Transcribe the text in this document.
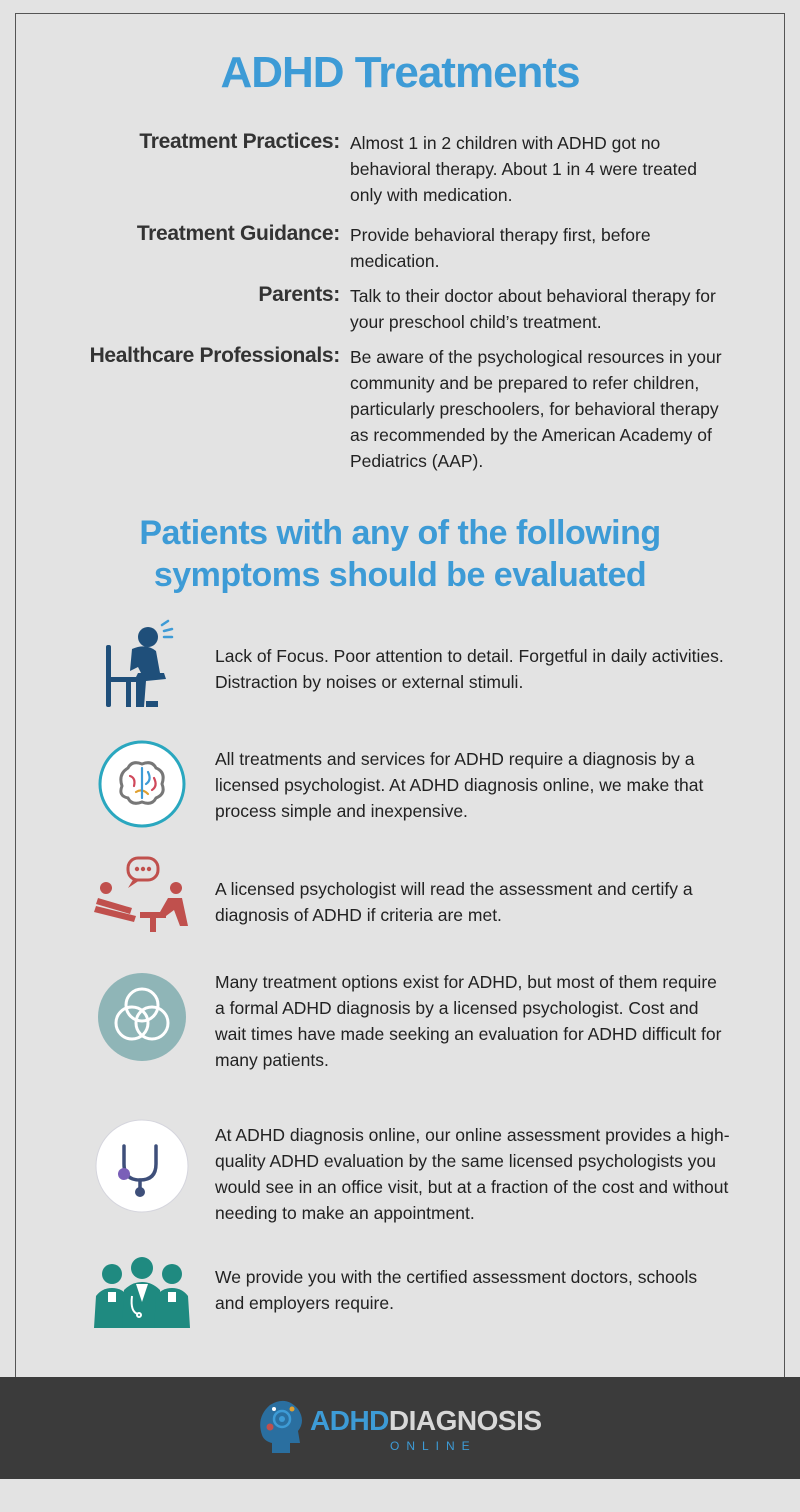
ADHD Treatments
Treatment Practices: Almost 1 in 2 children with ADHD got no behavioral therapy. About 1 in 4 were treated only with medication.
Treatment Guidance: Provide behavioral therapy first, before medication.
Parents: Talk to their doctor about behavioral therapy for your preschool child’s treatment.
Healthcare Professionals: Be aware of the psychological resources in your community and be prepared to refer children, particularly preschoolers, for behavioral therapy as recommended by the American Academy of Pediatrics (AAP).
Patients with any of the following
symptoms should be evaluated
Lack of Focus. Poor attention to detail. Forgetful in daily activities. Distraction by noises or external stimuli.
All treatments and services for ADHD require a diagnosis by a licensed psychologist. At ADHD diagnosis online, we make that process simple and inexpensive.
A licensed psychologist will read the assessment and certify a diagnosis of ADHD if criteria are met.
Many treatment options exist for ADHD, but most of them require a formal ADHD diagnosis by a licensed psychologist. Cost and wait times have made seeking an evaluation for ADHD difficult for many patients.
At ADHD diagnosis online, our online assessment provides a high-quality ADHD evaluation by the same licensed psychologists you would see in an office visit, but at a fraction of the cost and without needing to make an appointment.
We provide you with the certified assessment doctors, schools and employers require.
ADHDDIAGNOSIS
ONLINE
